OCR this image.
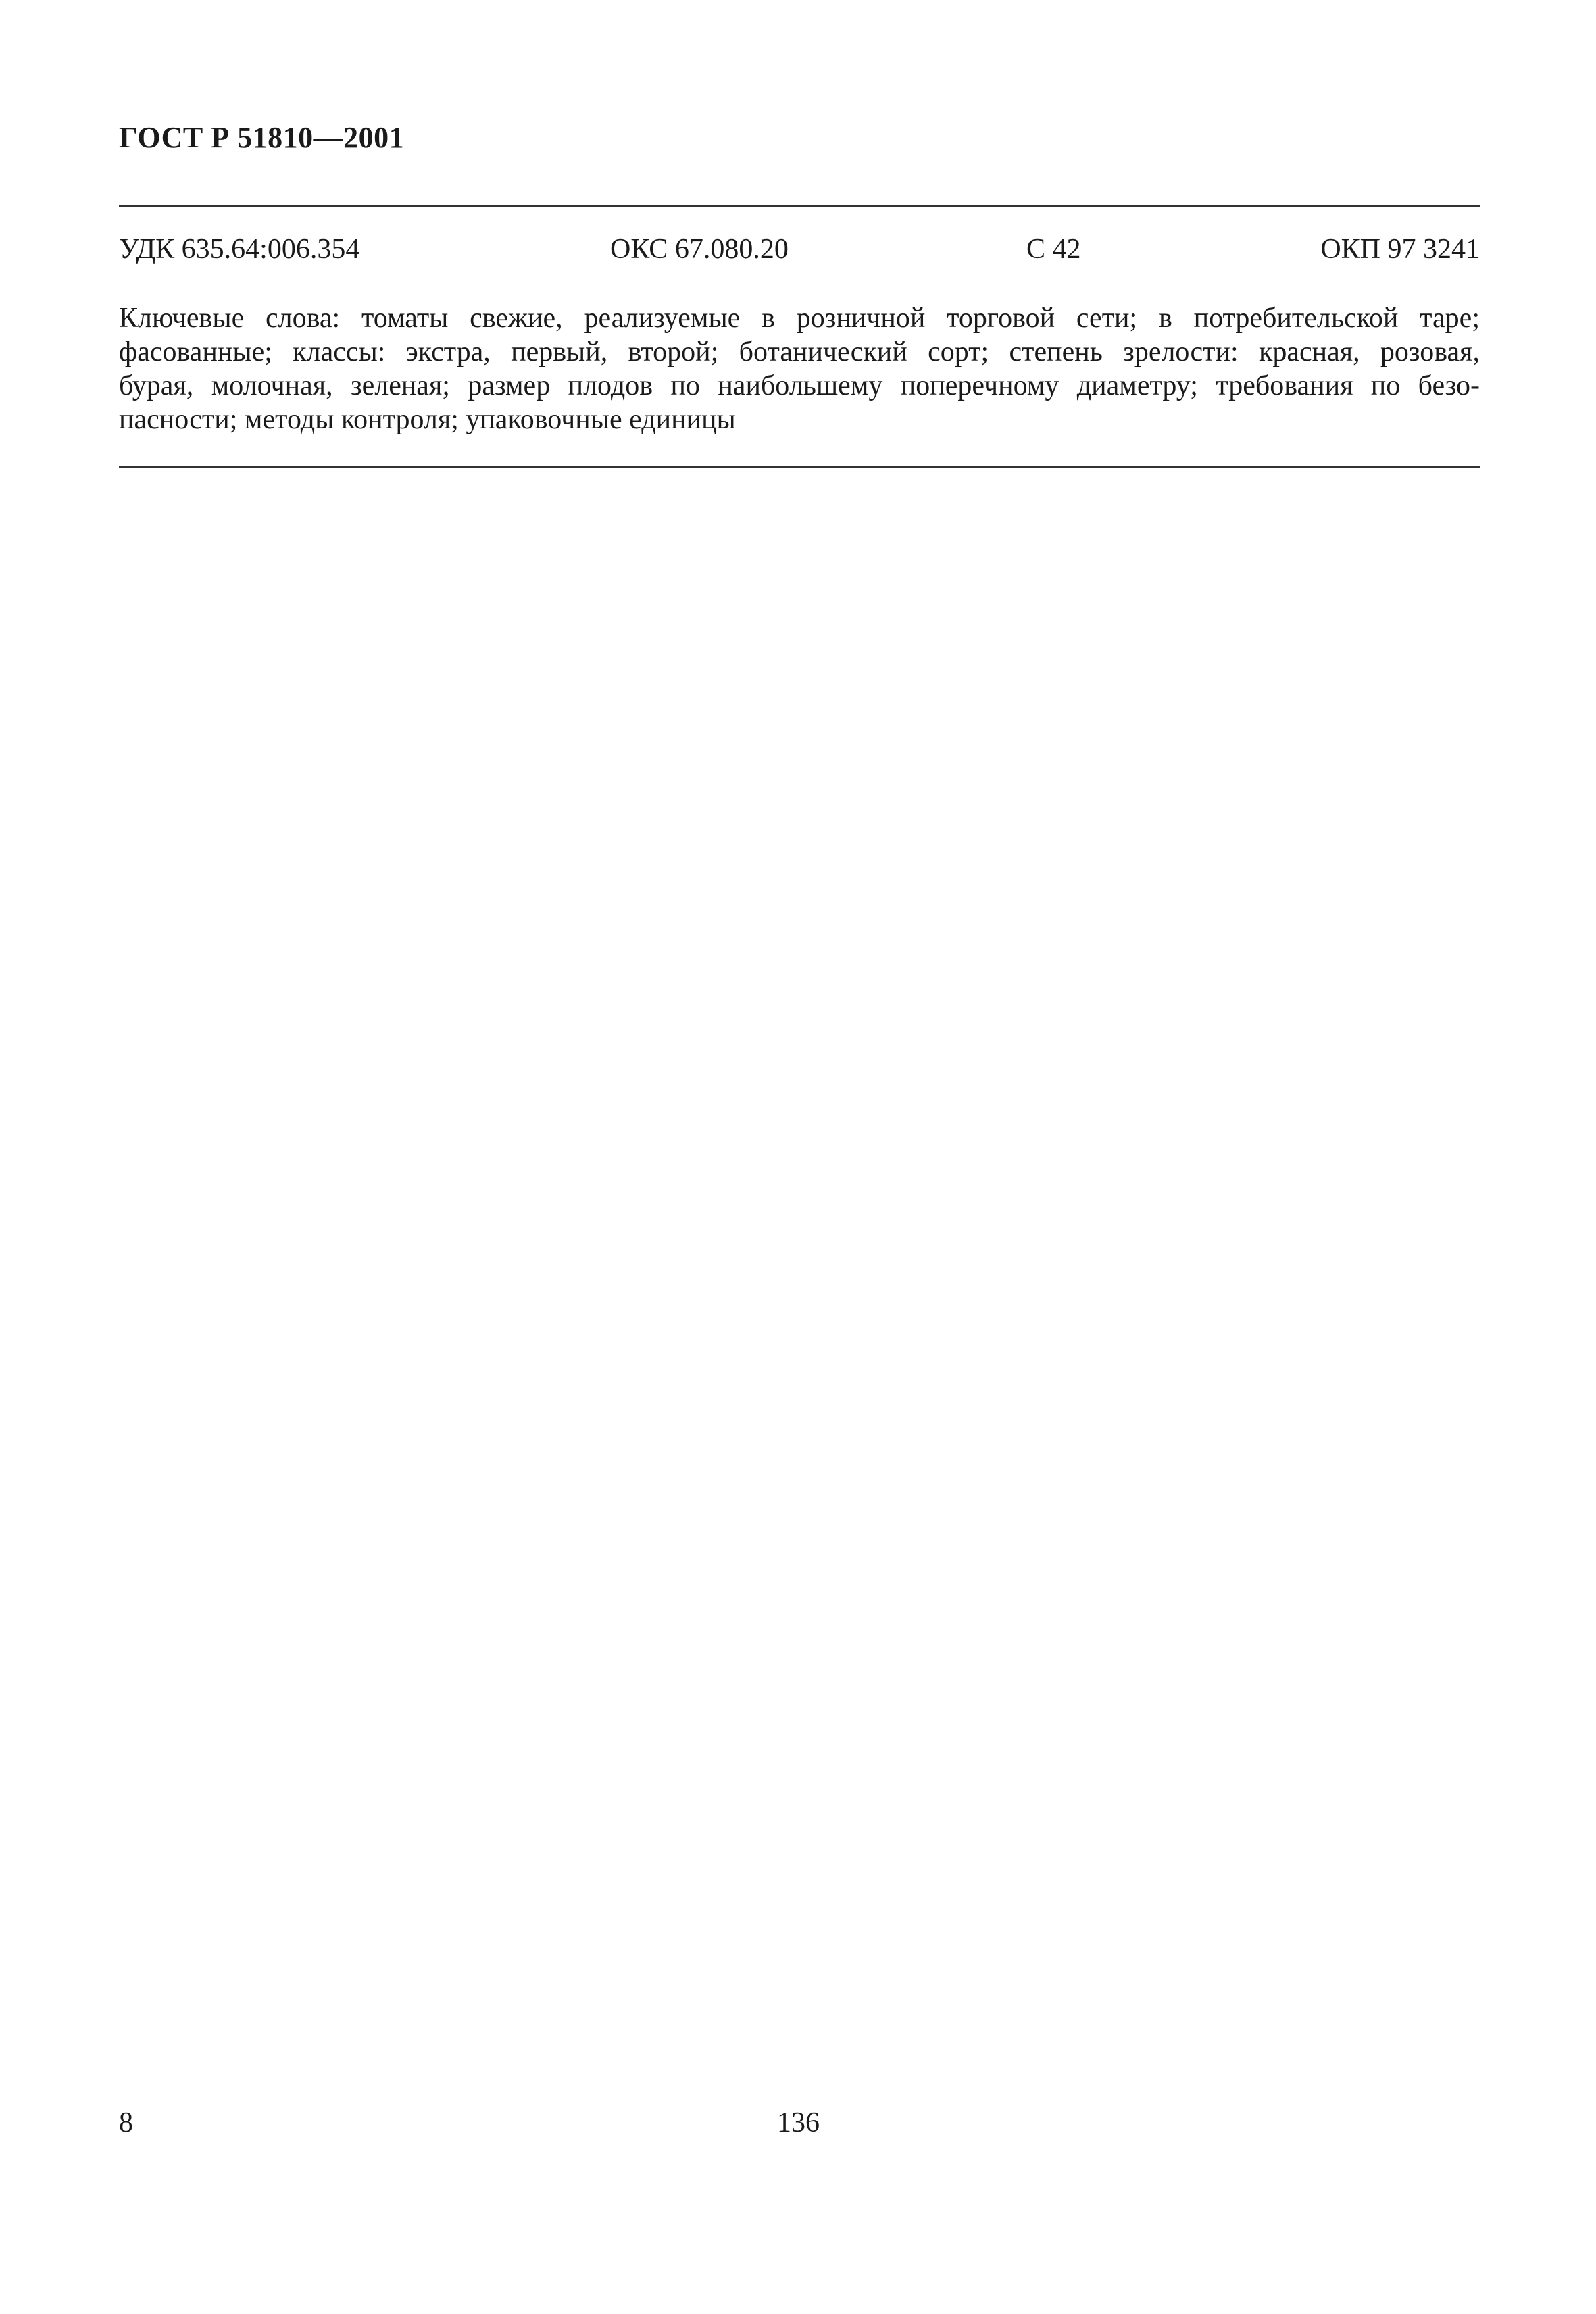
ГОСТ Р 51810—2001
УДК 635.64:006.354	ОКС 67.080.20	С 42	ОКП 97 3241
Ключевые слова: томаты свежие, реализуемые в розничной торговой сети; в потребительской таре;
фасованные; классы: экстра, первый, второй; ботанический сорт; степень зрелости: красная, розовая,
бурая, молочная, зеленая; размер плодов по наибольшему поперечному диаметру; требования по безо-
пасности; методы контроля; упаковочные единицы
8	136
